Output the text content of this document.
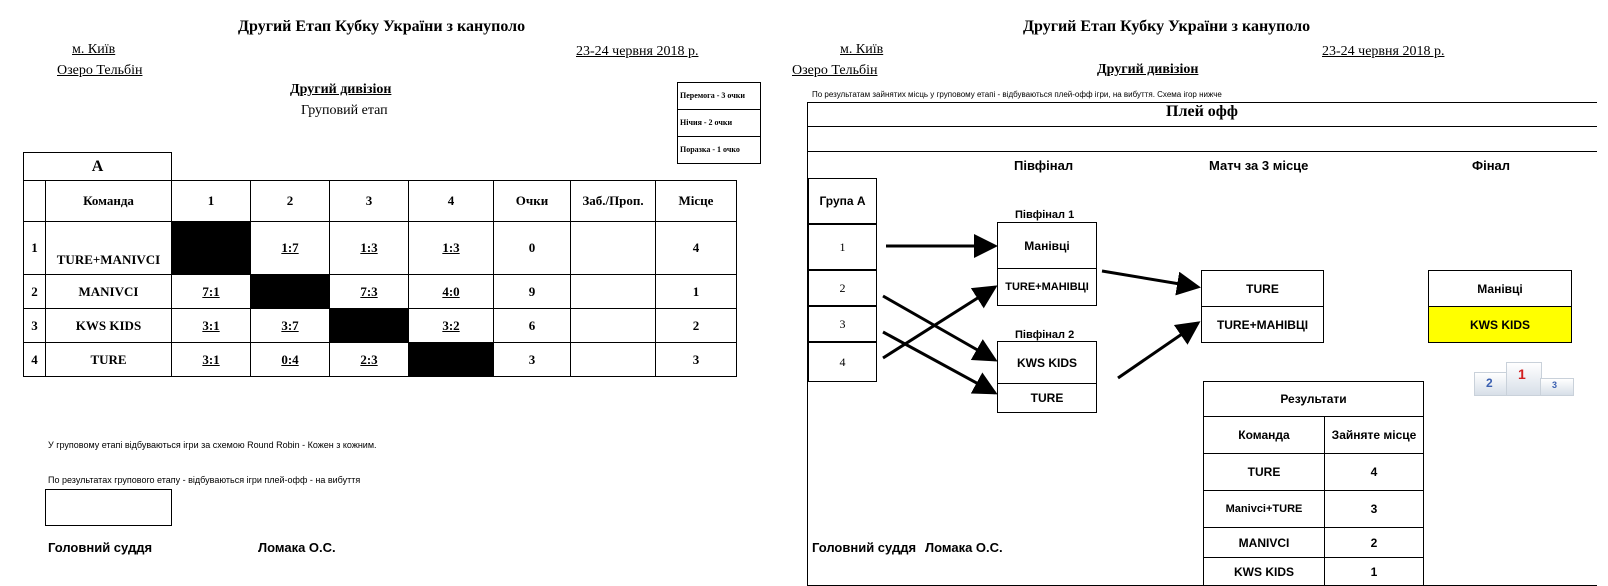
Другий Етап Кубку України з кануполо
м. Київ	23-24 червня 2018 р.
Озеро Тельбін
Другий дивізіон
Груповий етап
Перемога - 3 очки
Нічия - 2 очки
Поразка - 1 очко
А								
	Команда	1	2	3	4	Очки	Заб./Проп.	Місце
1	TURE+MANIVCI		1:7	1:3	1:3	0		4
2	MANIVCI	7:1		7:3	4:0	9		1
3	KWS KIDS	3:1	3:7		3:2	6		2
4	TURE	3:1	0:4	2:3		3		3
У груповому етапі відбуваються ігри за схемою Round Robin - Кожен з кожним.
По результатах групового етапу - відбуваються ігри плей-офф - на вибуття
Головний суддя	Ломака О.С.
Другий Етап Кубку України з кануполо
м. Київ	23-24 червня 2018 р.
Озеро Тельбін	Другий дивізіон
По результатам зайнятих місць у груповому етапі - відбуваються плей-офф ігри, на вибуття. Схема ігор нижче
Плей офф
Півфінал	Матч за 3 місце	Фінал
Група А
1
2
3
4
Півфінал 1
Манівці
TURE+МАНІВЦІ
Півфінал 2
KWS KIDS
TURE
TURE
TURE+МАНІВЦІ
Манівці
KWS KIDS
2
1
3
Результати
Команда	Зайняте місце
TURE	4
Manivci+TURE	3
MANIVCI	2
KWS KIDS	1
Головний суддя Ломака О.С.
